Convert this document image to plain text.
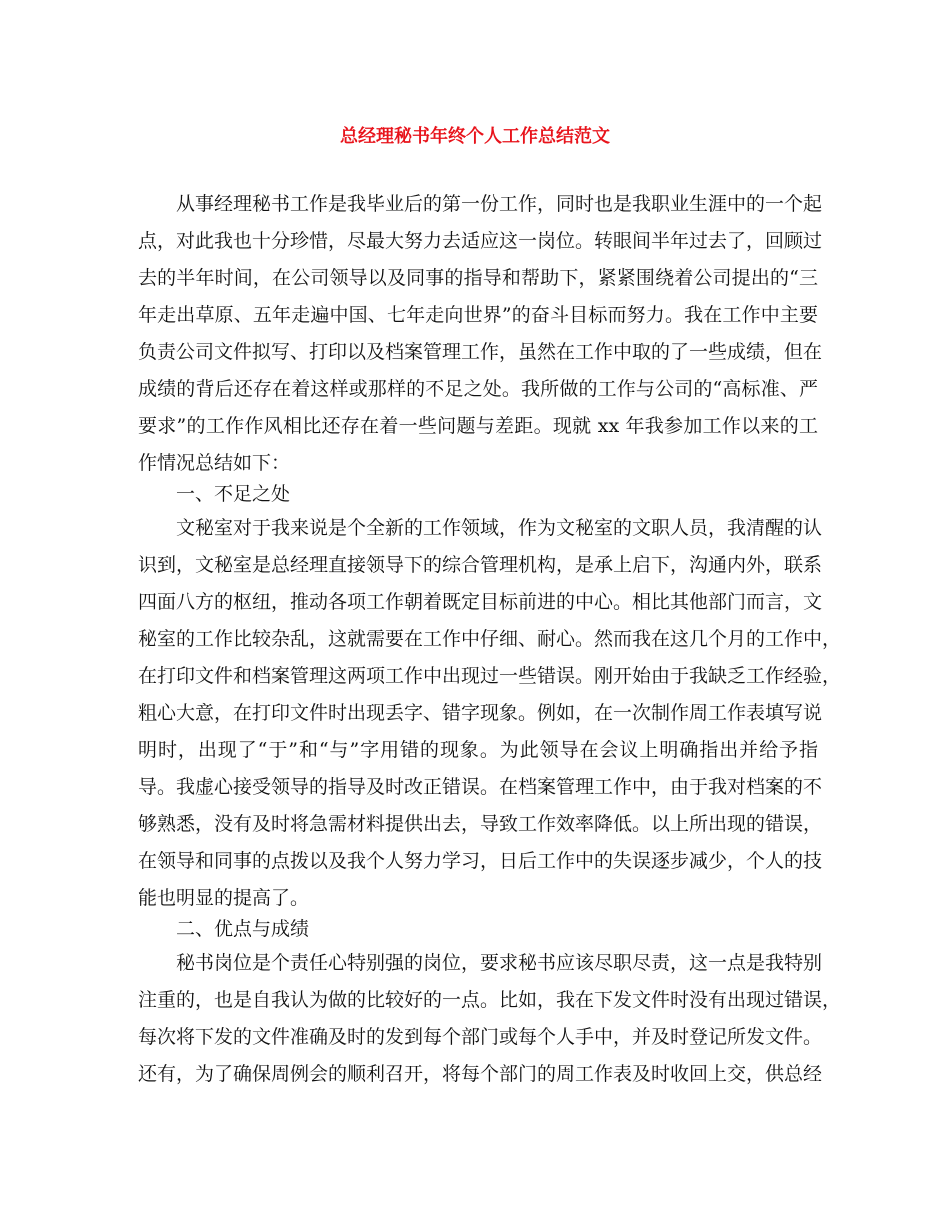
总经理秘书年终个人工作总结范文

从事经理秘书工作是我毕业后的第一份工作，同时也是我职业生涯中的一个起

点，对此我也十分珍惜，尽最大努力去适应这一岗位。转眼间半年过去了，回顾过

去的半年时间，在公司领导以及同事的指导和帮助下，紧紧围绕着公司提出的“三

年走出草原、五年走遍中国、七年走向世界”的奋斗目标而努力。我在工作中主要

负责公司文件拟写、打印以及档案管理工作，虽然在工作中取的了一些成绩，但在

成绩的背后还存在着这样或那样的不足之处。我所做的工作与公司的“高标准、严

要求”的工作作风相比还存在着一些问题与差距。现就 xx 年我参加工作以来的工

作情况总结如下：

一、不足之处

文秘室对于我来说是个全新的工作领域，作为文秘室的文职人员，我清醒的认

识到，文秘室是总经理直接领导下的综合管理机构，是承上启下，沟通内外，联系

四面八方的枢纽，推动各项工作朝着既定目标前进的中心。相比其他部门而言，文

秘室的工作比较杂乱，这就需要在工作中仔细、耐心。然而我在这几个月的工作中，

在打印文件和档案管理这两项工作中出现过一些错误。刚开始由于我缺乏工作经验，

粗心大意，在打印文件时出现丢字、错字现象。例如，在一次制作周工作表填写说

明时，出现了“于”和“与”字用错的现象。为此领导在会议上明确指出并给予指

导。我虚心接受领导的指导及时改正错误。在档案管理工作中，由于我对档案的不

够熟悉，没有及时将急需材料提供出去，导致工作效率降低。以上所出现的错误，

在领导和同事的点拨以及我个人努力学习，日后工作中的失误逐步减少，个人的技

能也明显的提高了。

二、优点与成绩

秘书岗位是个责任心特别强的岗位，要求秘书应该尽职尽责，这一点是我特别

注重的，也是自我认为做的比较好的一点。比如，我在下发文件时没有出现过错误，

每次将下发的文件准确及时的发到每个部门或每个人手中，并及时登记所发文件。

还有，为了确保周例会的顺利召开，将每个部门的周工作表及时收回上交，供总经
